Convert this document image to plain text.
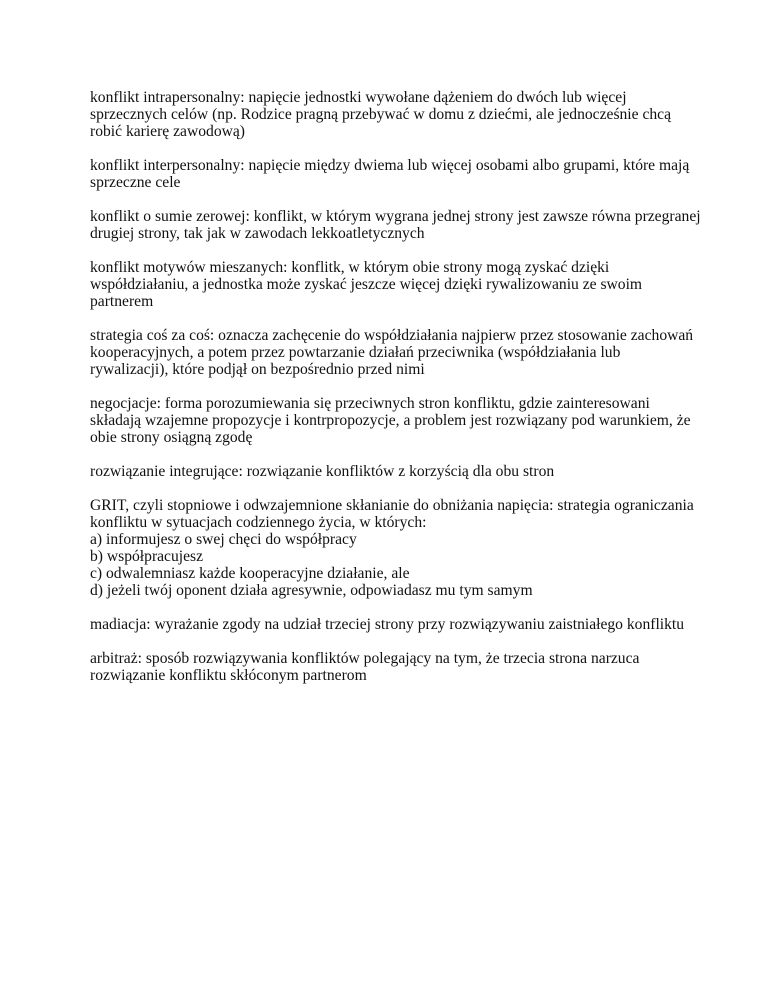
konflikt intrapersonalny: napięcie jednostki wywołane dążeniem do dwóch lub więcej
sprzecznych celów (np. Rodzice pragną przebywać w domu z dziećmi, ale jednocześnie chcą
robić karierę zawodową)

konflikt interpersonalny: napięcie między dwiema lub więcej osobami albo grupami, które mają
sprzeczne cele

konflikt o sumie zerowej: konflikt, w którym wygrana jednej strony jest zawsze równa przegranej
drugiej strony, tak jak w zawodach lekkoatletycznych

konflikt motywów mieszanych: konflitk, w którym obie strony mogą zyskać dzięki
współdziałaniu, a jednostka może zyskać jeszcze więcej dzięki rywalizowaniu ze swoim
partnerem

strategia coś za coś: oznacza zachęcenie do współdziałania najpierw przez stosowanie zachowań
kooperacyjnych, a potem przez powtarzanie działań przeciwnika (współdziałania lub
rywalizacji), które podjął on bezpośrednio przed nimi

negocjacje: forma porozumiewania się przeciwnych stron konfliktu, gdzie zainteresowani
składają wzajemne propozycje i kontrpropozycje, a problem jest rozwiązany pod warunkiem, że
obie strony osiągną zgodę

rozwiązanie integrujące: rozwiązanie konfliktów z korzyścią dla obu stron

GRIT, czyli stopniowe i odwzajemnione skłanianie do obniżania napięcia: strategia ograniczania
konfliktu w sytuacjach codziennego życia, w których:
a) informujesz o swej chęci do współpracy
b) współpracujesz
c) odwalemniasz każde kooperacyjne działanie, ale
d) jeżeli twój oponent działa agresywnie, odpowiadasz mu tym samym

madiacja: wyrażanie zgody na udział trzeciej strony przy rozwiązywaniu zaistniałego konfliktu

arbitraż: sposób rozwiązywania konfliktów polegający na tym, że trzecia strona narzuca
rozwiązanie konfliktu skłóconym partnerom
